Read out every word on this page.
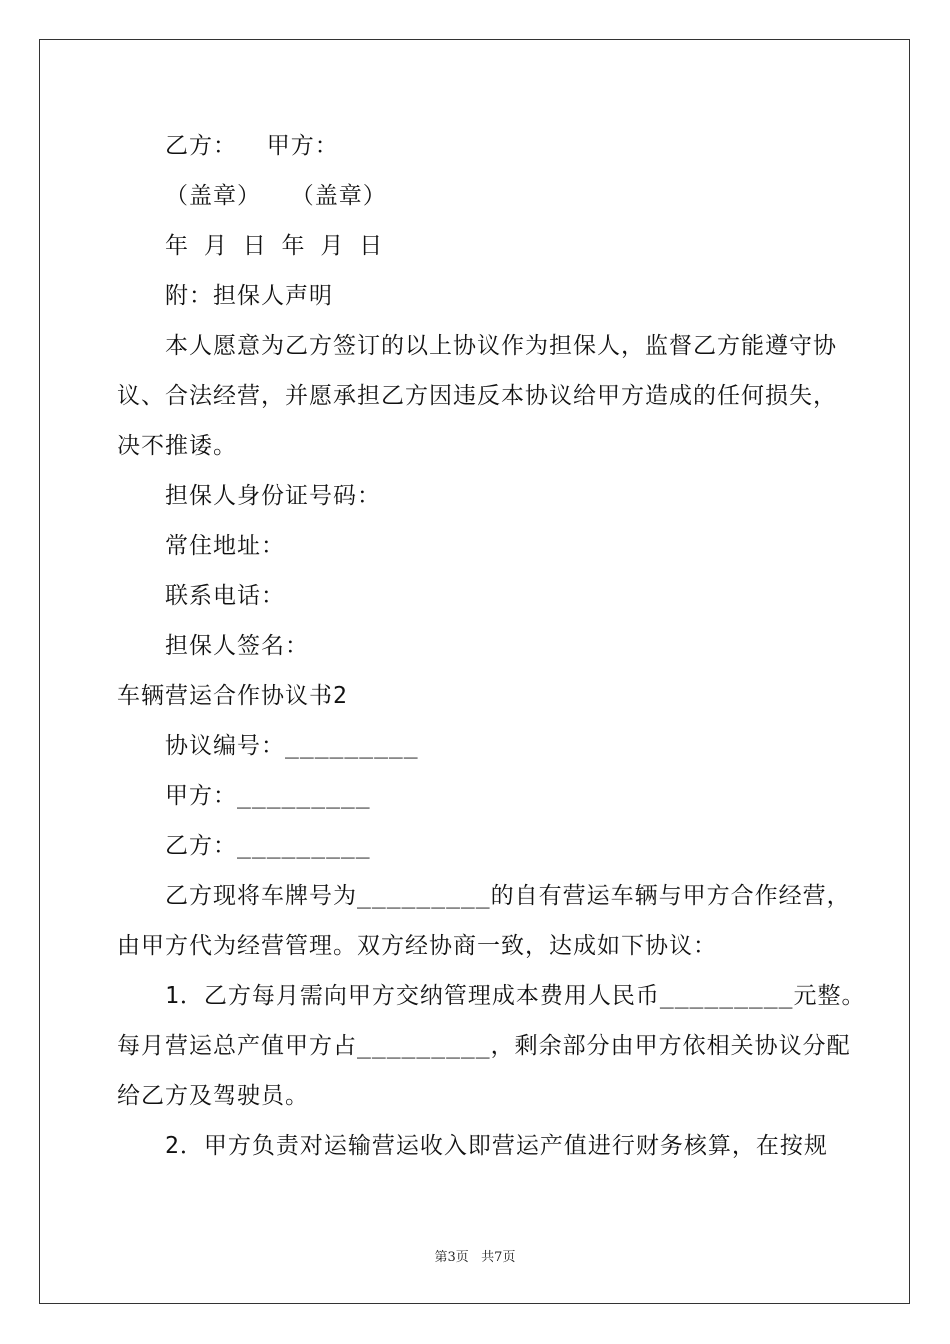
乙方：  甲方：
（盖章）  （盖章）
年 月 日 年 月 日
附：担保人声明
本人愿意为乙方签订的以上协议作为担保人，监督乙方能遵守协
议、合法经营，并愿承担乙方因违反本协议给甲方造成的任何损失，
决不推诿。
担保人身份证号码：
常住地址：
联系电话：
担保人签名：
车辆营运合作协议书2
协议编号：_________
甲方：_________
乙方：_________
乙方现将车牌号为_________的自有营运车辆与甲方合作经营，
由甲方代为经营管理。双方经协商一致，达成如下协议：
1．乙方每月需向甲方交纳管理成本费用人民币_________元整。
每月营运总产值甲方占_________，剩余部分由甲方依相关协议分配
给乙方及驾驶员。
2．甲方负责对运输营运收入即营运产值进行财务核算，在按规
第3页   共7页
